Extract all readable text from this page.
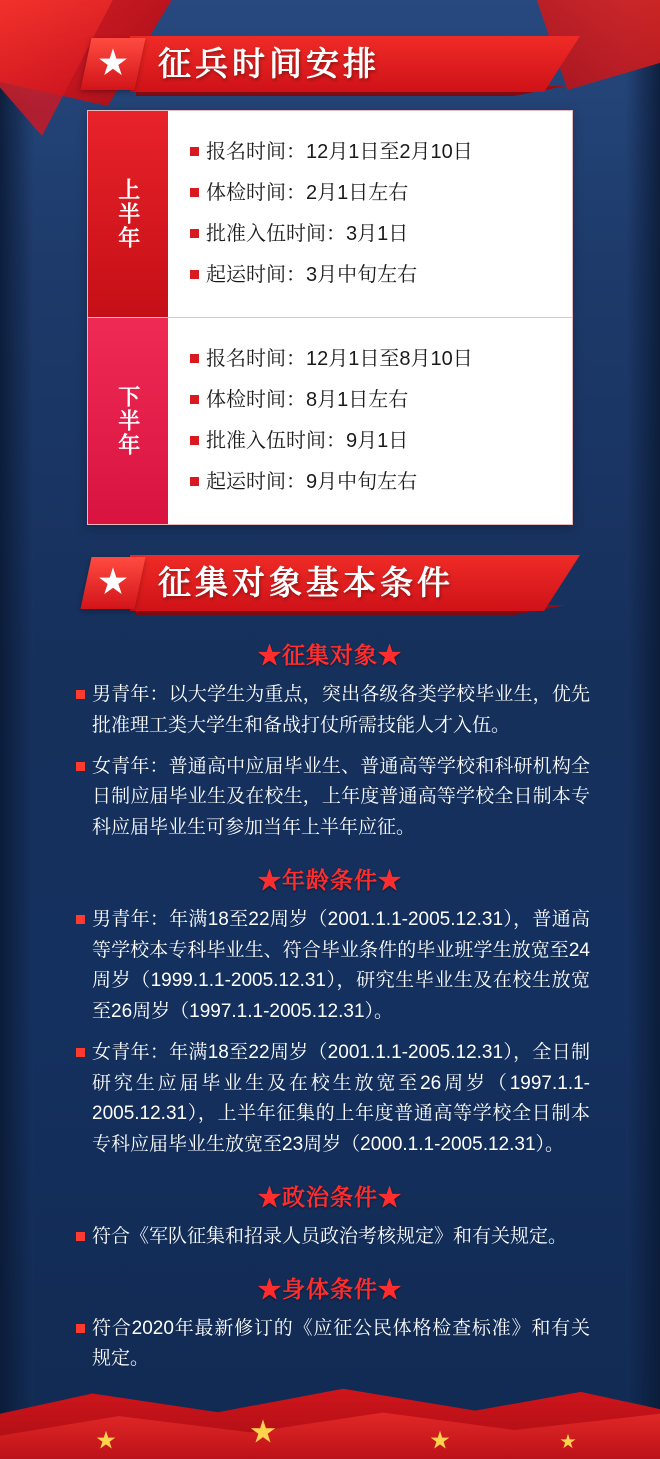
★ 征兵时间安排
上半年
报名时间：12月1日至2月10日
体检时间：2月1日左右
批准入伍时间：3月1日
起运时间：3月中旬左右
下半年
报名时间：12月1日至8月10日
体检时间：8月1日左右
批准入伍时间：9月1日
起运时间：9月中旬左右
★ 征集对象基本条件
★征集对象★

男青年：以大学生为重点，突出各级各类学校毕业生，优先批准理工类大学生和备战打仗所需技能人才入伍。

女青年：普通高中应届毕业生、普通高等学校和科研机构全日制应届毕业生及在校生，上年度普通高等学校全日制本专科应届毕业生可参加当年上半年应征。

★年龄条件★

男青年：年满18至22周岁（2001.1.1-2005.12.31），普通高等学校本专科毕业生、符合毕业条件的毕业班学生放宽至24周岁（1999.1.1-2005.12.31），研究生毕业生及在校生放宽至26周岁（1997.1.1-2005.12.31）。

女青年：年满18至22周岁（2001.1.1-2005.12.31），全日制研究生应届毕业生及在校生放宽至26周岁（1997.1.1-2005.12.31），上半年征集的上年度普通高等学校全日制本专科应届毕业生放宽至23周岁（2000.1.1-2005.12.31）。

★政治条件★

符合《军队征集和招录人员政治考核规定》和有关规定。

★身体条件★

符合2020年最新修订的《应征公民体格检查标准》和有关规定。

★	★	★	★
